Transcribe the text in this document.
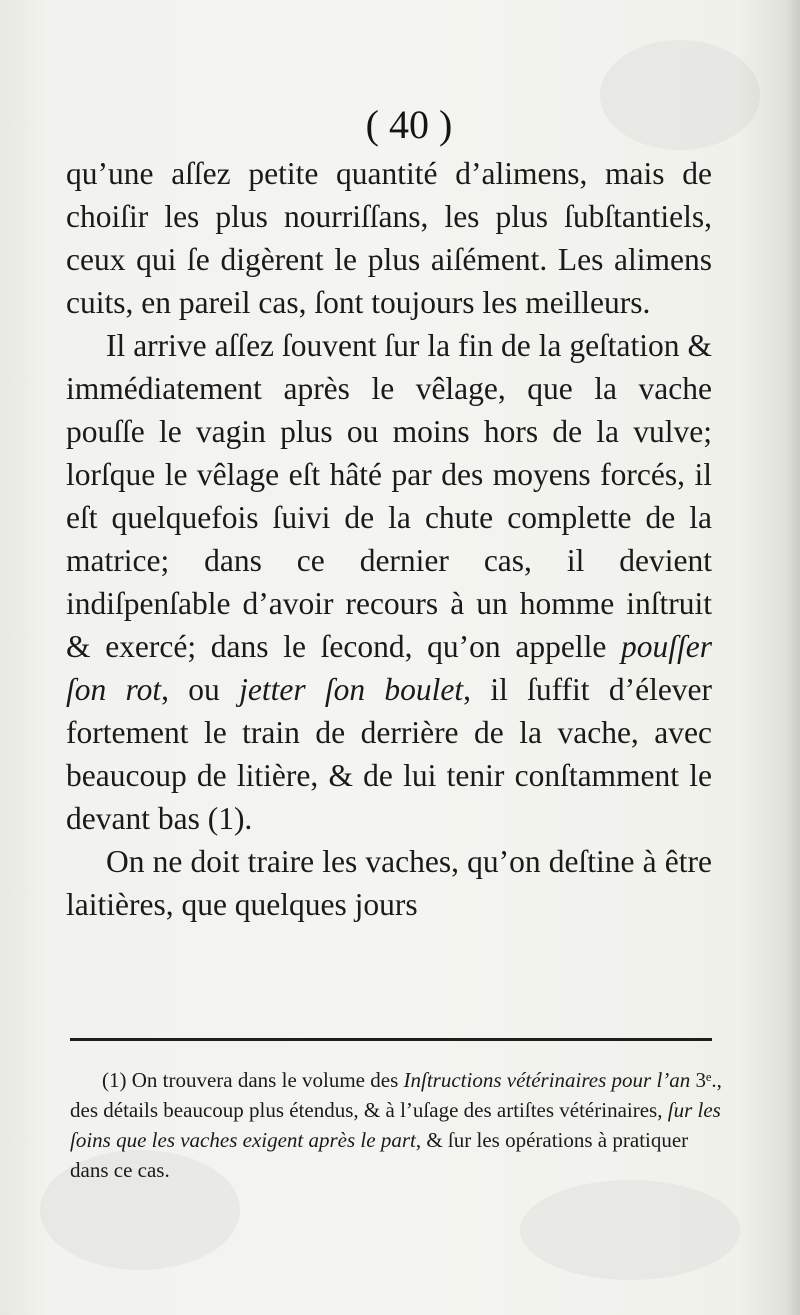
( 40 )

qu’une aſſez petite quantité d’alimens, mais de choiſir les plus nourriſſans, les plus ſubſtantiels, ceux qui ſe digèrent le plus aiſément. Les alimens cuits, en pareil cas, ſont toujours les meilleurs.

Il arrive aſſez ſouvent ſur la fin de la geſtation & immédiatement après le vêlage, que la vache pouſſe le vagin plus ou moins hors de la vulve; lorſque le vêlage eſt hâté par des moyens forcés, il eſt quelquefois ſuivi de la chute complette de la matrice; dans ce dernier cas, il devient indiſpenſable d’avoir recours à un homme inſtruit & exercé; dans le ſecond, qu’on appelle pouſſer ſon rot, ou jetter ſon boulet, il ſuffit d’élever fortement le train de derrière de la vache, avec beaucoup de litière, & de lui tenir conſtamment le devant bas (1).

On ne doit traire les vaches, qu’on deſtine à être laitières, que quelques jours

(1) On trouvera dans le volume des Inſtructions vétérinaires pour l’an 3ᵉ., des détails beaucoup plus étendus, & à l’uſage des artiſtes vétérinaires, ſur les ſoins que les vaches exigent après le part, & ſur les opérations à pratiquer dans ce cas.
